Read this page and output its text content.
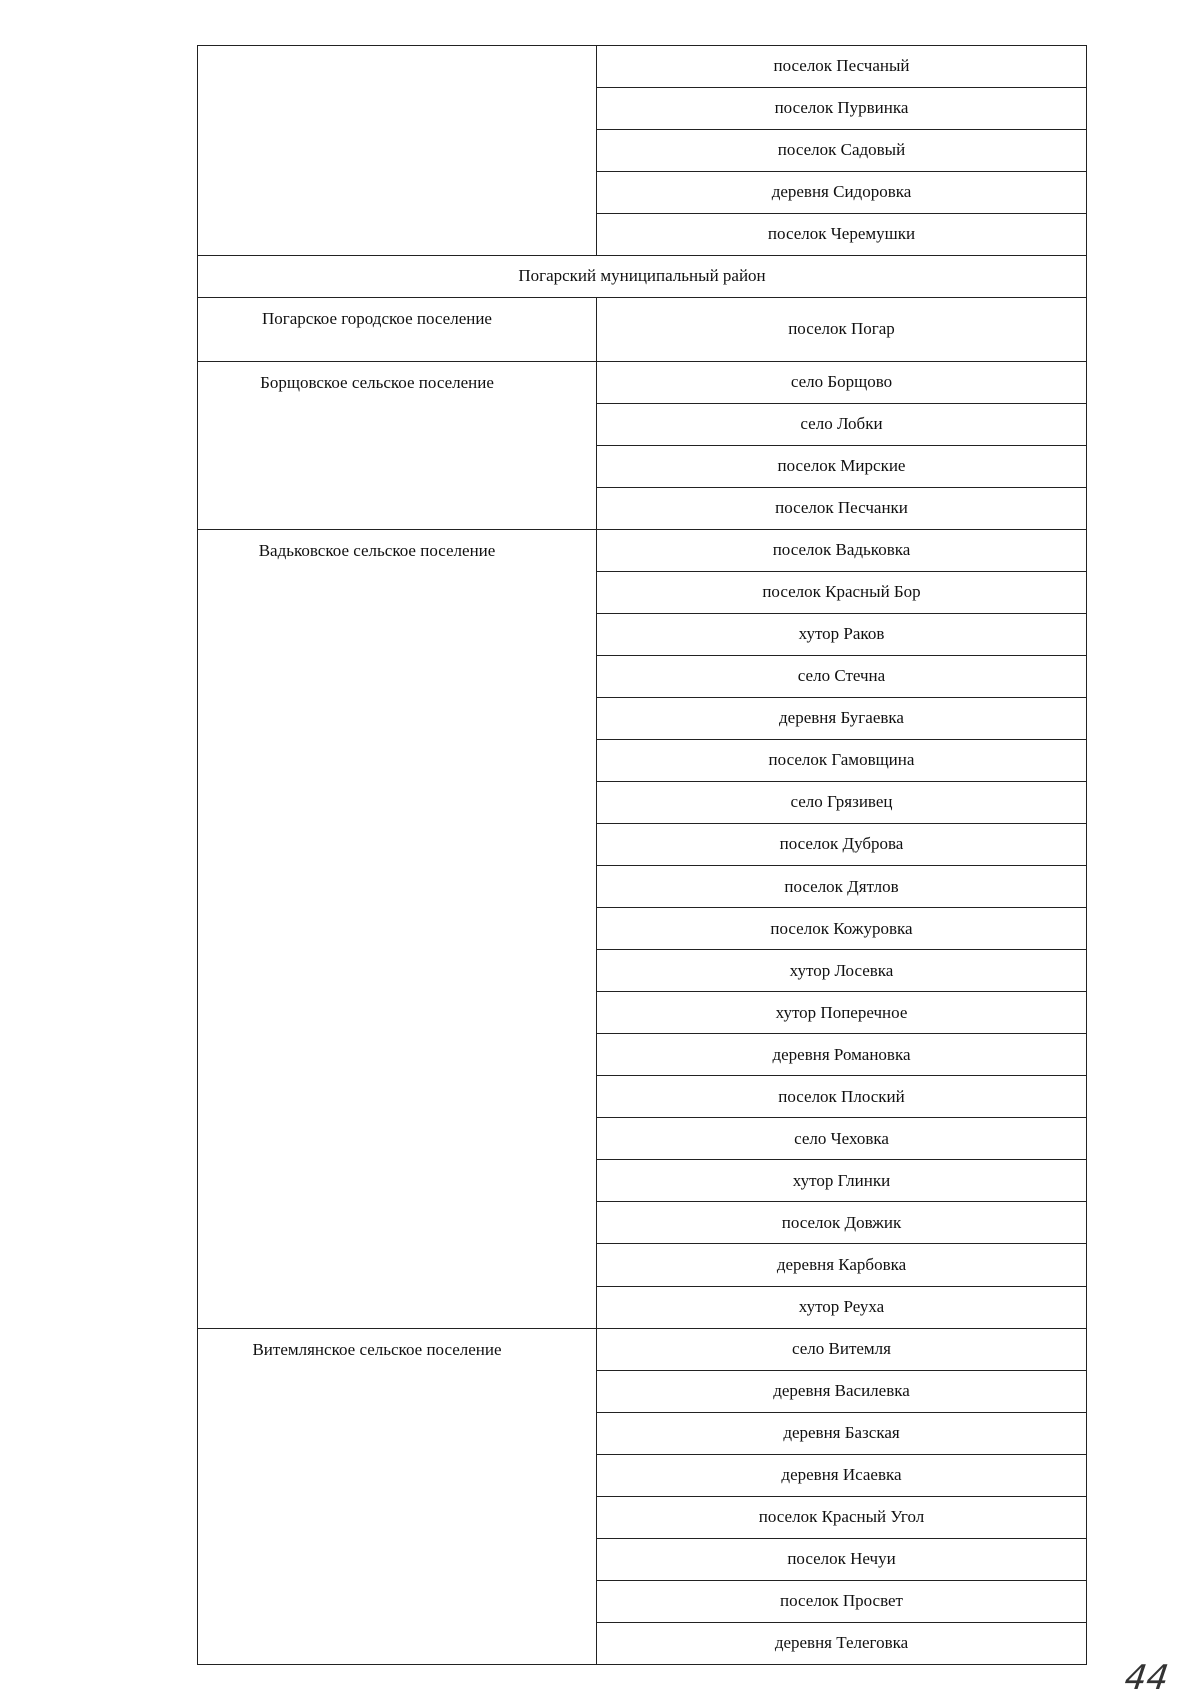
	поселок Песчаный
	поселок Пурвинка
	поселок Садовый
	деревня Сидоровка
	поселок Черемушки
Погарский муниципальный район	
Погарское городское поселение	поселок Погар
Борщовское сельское поселение	село Борщово
	село Лобки
	поселок Мирские
	поселок Песчанки
Вадьковское сельское поселение	поселок Вадьковка
	поселок Красный Бор
	хутор Раков
	село Стечна
	деревня Бугаевка
	поселок Гамовщина
	село Грязивец
	поселок Дуброва
	поселок Дятлов
	поселок Кожуровка
	хутор Лосевка
	хутор Поперечное
	деревня Романовка
	поселок Плоский
	село Чеховка
	хутор Глинки
	поселок Довжик
	деревня Карбовка
	хутор Реуха
Витемлянское сельское поселение	село Витемля
	деревня Василевка
	деревня Базская
	деревня Исаевка
	поселок Красный Угол
	поселок Нечуи
	поселок Просвет
	деревня Телеговка
44
